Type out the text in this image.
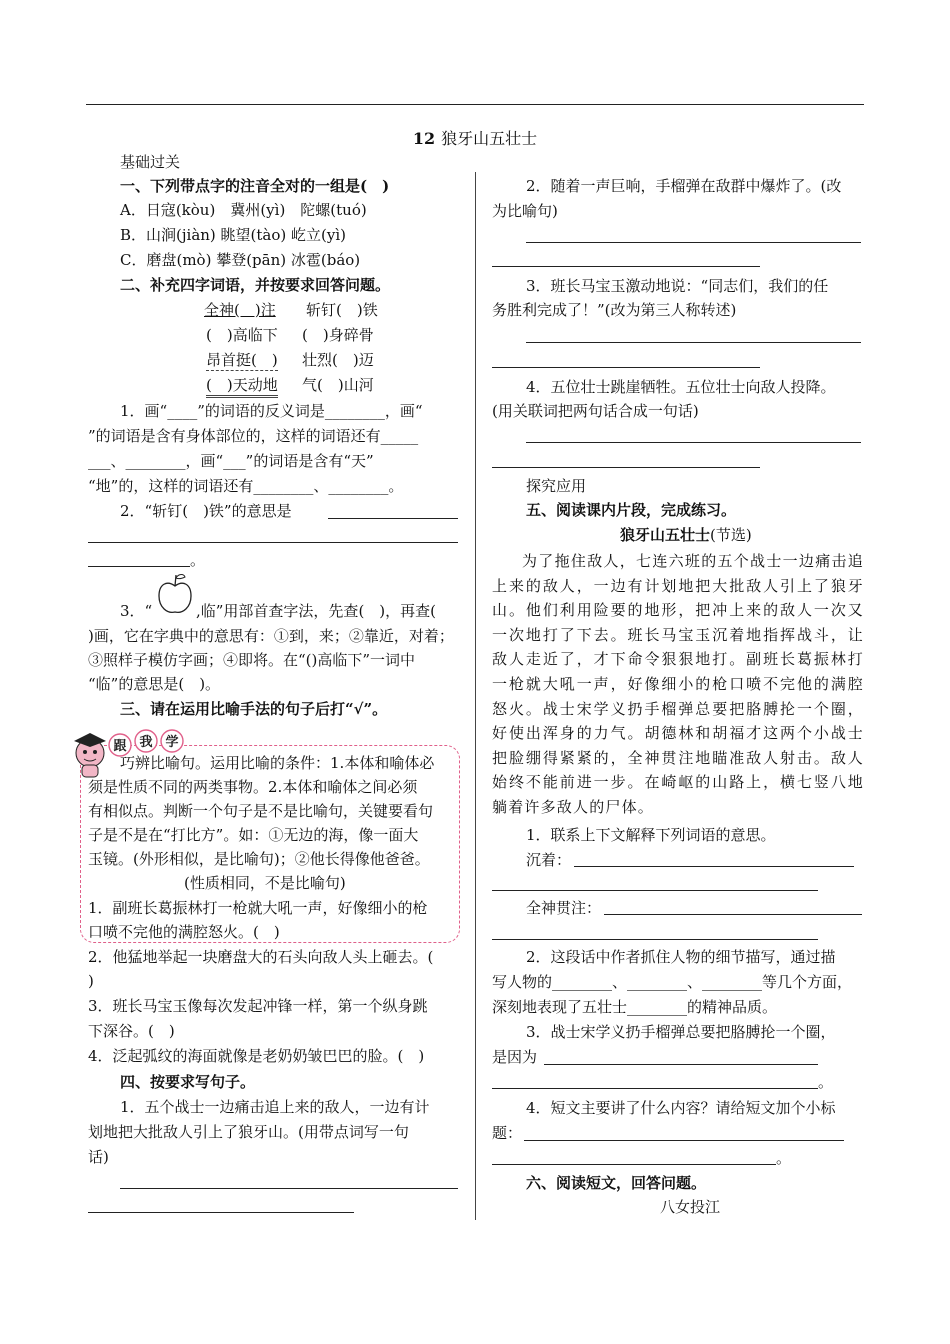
12 狼牙山五壮士
基础过关
一、下列带点字的注音全对的一组是(　)
A．日寇(kòu)　冀州(yì)　陀螺(tuó)
B．山涧(jiàn) 眺望(tào) 屹立(yì)
C．磨盘(mò) 攀登(pān) 冰雹(báo)
二、补充四字词语，并按要求回答问题。
全神(　)注 斩钉(　)铁
(　)高临下 (　)身碎骨
昂首挺(　) 壮烈(　)迈
(　)天动地 气(　)山河
1．画“____”的词语的反义词是________，画“
”的词语是含有身体部位的，这样的词语还有_____
___、________，画“___”的词语是含有“天”
“地”的，这样的词语还有________、________。
2．“斩钉(　)铁”的意思是
。
3．“	,临”用部首查字法，先查(　)，再查(
)画，它在字典中的意思有：①到，来；②靠近，对着；
③照样子模仿字画；④即将。在“()高临下”一词中
“临”的意思是(　)。
三、请在运用比喻手法的句子后打“√”。
跟 我 学
巧辨比喻句。运用比喻的条件：1.本体和喻体必
须是性质不同的两类事物。2.本体和喻体之间必须
有相似点。判断一个句子是不是比喻句，关键要看句
子是不是在“打比方”。如：①无边的海，像一面大
玉镜。(外形相似，是比喻句)；②他长得像他爸爸。
(性质相同，不是比喻句)
1．副班长葛振林打一枪就大吼一声，好像细小的枪
口喷不完他的满腔怒火。(　)
2．他猛地举起一块磨盘大的石头向敌人头上砸去。(
)
3．班长马宝玉像每次发起冲锋一样，第一个纵身跳
下深谷。(　)
4．泛起弧纹的海面就像是老奶奶皱巴巴的脸。(　)
四、按要求写句子。
1．五个战士一边痛击追上来的敌人，一边有计
划地把大批敌人引上了狼牙山。(用带点词写一句
话)
2．随着一声巨响，手榴弹在敌群中爆炸了。(改
为比喻句)
3．班长马宝玉激动地说：“同志们，我们的任
务胜利完成了！”(改为第三人称转述)
4．五位壮士跳崖牺牲。五位壮士向敌人投降。
(用关联词把两句话合成一句话)
探究应用
五、阅读课内片段，完成练习。
狼牙山五壮士(节选)
为了拖住敌人，七连六班的五个战士一边痛击追上来的敌人，一边有计划地把大批敌人引上了狼牙山。他们利用险要的地形，把冲上来的敌人一次又一次地打了下去。班长马宝玉沉着地指挥战斗，让敌人走近了，才下命令狠狠地打。副班长葛振林打一枪就大吼一声，好像细小的枪口喷不完他的满腔怒火。战士宋学义扔手榴弹总要把胳膊抡一个圈，好使出浑身的力气。胡德林和胡福才这两个小战士把脸绷得紧紧的，全神贯注地瞄准敌人射击。敌人始终不能前进一步。在崎岖的山路上，横七竖八地躺着许多敌人的尸体。
1．联系上下文解释下列词语的意思。
沉着：
全神贯注：
2．这段话中作者抓住人物的细节描写，通过描
写人物的________、________、________等几个方面，
深刻地表现了五壮士________的精神品质。
3．战士宋学义扔手榴弹总要把胳膊抡一个圈，
是因为
。
4．短文主要讲了什么内容？请给短文加个小标
题：
。
六、阅读短文，回答问题。
八女投江
